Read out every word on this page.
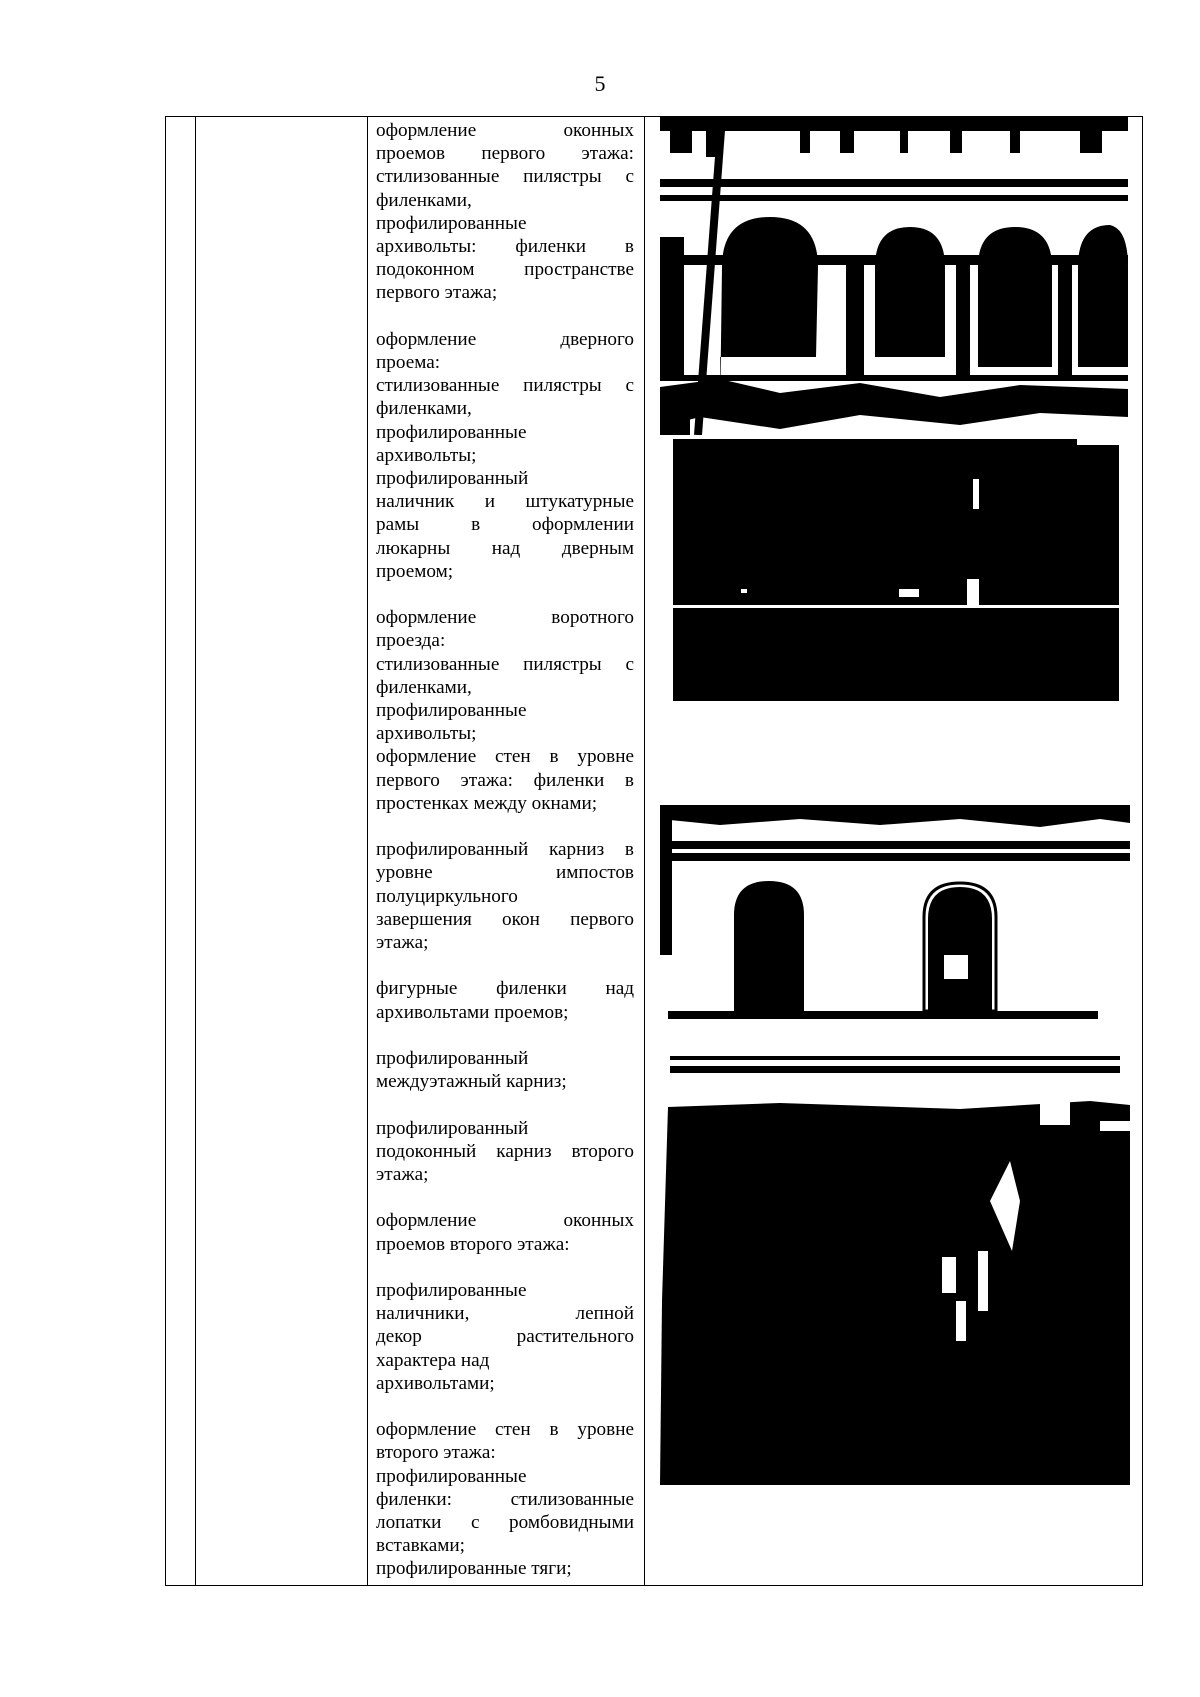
5

оформление	оконных
проемов первого этажа:
стилизованные пилястры с
филенками,
профилированные
архивольты: филенки в
подоконном	пространстве
первого этажа;
оформление	дверного
проема:
стилизованные пилястры с
филенками,
профилированные
архивольты;
профилированный
наличник и штукатурные
рамы	в	оформлении
люкарны над дверным
проемом;
оформление	воротного
проезда:
стилизованные пилястры с
филенками,
профилированные
архивольты;
оформление стен в уровне
первого этажа: филенки в
простенках между окнами;
профилированный карниз в
уровне	импостов
полуциркульного
завершения окон первого
этажа;
фигурные филенки над
архивольтами проемов;
профилированный
междуэтажный карниз;
профилированный
подоконный карниз второго
этажа;
оформление	оконных
проемов второго этажа:
профилированные
наличники,	лепной
декор	растительного
характера над
архивольтами;
оформление стен в уровне
второго этажа:
профилированные
филенки:	стилизованные
лопатки с ромбовидными
вставками;
профилированные тяги;
